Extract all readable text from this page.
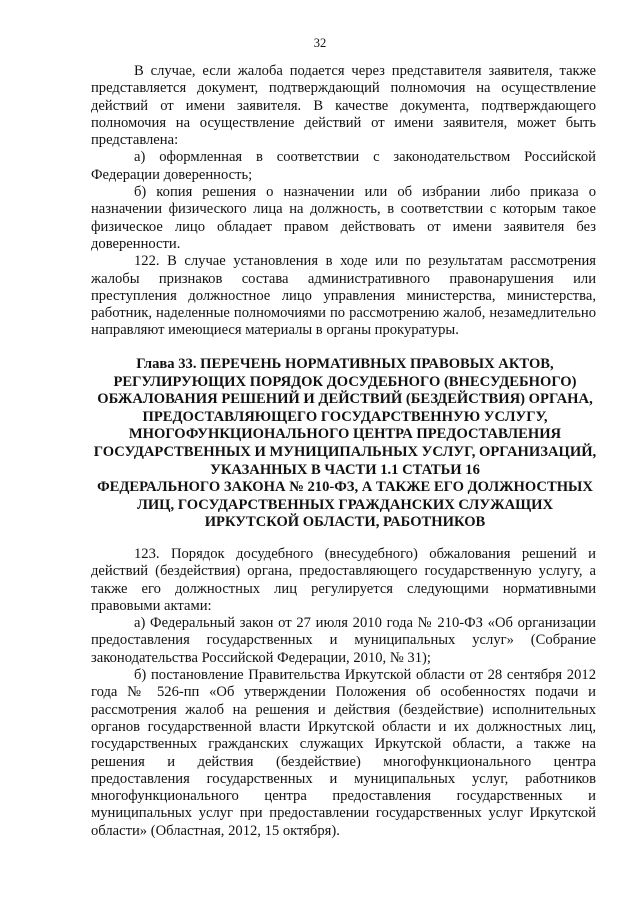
32

В случае, если жалоба подается через представителя заявителя, также представляется документ, подтверждающий полномочия на осуществление действий от имени заявителя. В качестве документа, подтверждающего полномочия на осуществление действий от имени заявителя, может быть представлена:

а) оформленная в соответствии с законодательством Российской Федерации доверенность;

б) копия решения о назначении или об избрании либо приказа о назначении физического лица на должность, в соответствии с которым такое физическое лицо обладает правом действовать от имени заявителя без доверенности.

122. В случае установления в ходе или по результатам рассмотрения жалобы признаков состава административного правонарушения или преступления должностное лицо управления министерства, министерства, работник, наделенные полномочиями по рассмотрению жалоб, незамедлительно направляют имеющиеся материалы в органы прокуратуры.

Глава 33. ПЕРЕЧЕНЬ НОРМАТИВНЫХ ПРАВОВЫХ АКТОВ,
РЕГУЛИРУЮЩИХ ПОРЯДОК ДОСУДЕБНОГО (ВНЕСУДЕБНОГО)
ОБЖАЛОВАНИЯ РЕШЕНИЙ И ДЕЙСТВИЙ (БЕЗДЕЙСТВИЯ) ОРГАНА,
ПРЕДОСТАВЛЯЮЩЕГО ГОСУДАРСТВЕННУЮ УСЛУГУ,
МНОГОФУНКЦИОНАЛЬНОГО ЦЕНТРА ПРЕДОСТАВЛЕНИЯ
ГОСУДАРСТВЕННЫХ И МУНИЦИПАЛЬНЫХ УСЛУГ, ОРГАНИЗАЦИЙ,
УКАЗАННЫХ В ЧАСТИ 1.1 СТАТЬИ 16
ФЕДЕРАЛЬНОГО ЗАКОНА № 210-ФЗ, А ТАКЖЕ ЕГО ДОЛЖНОСТНЫХ
ЛИЦ, ГОСУДАРСТВЕННЫХ ГРАЖДАНСКИХ СЛУЖАЩИХ
ИРКУТСКОЙ ОБЛАСТИ, РАБОТНИКОВ

123. Порядок досудебного (внесудебного) обжалования решений и действий (бездействия) органа, предоставляющего государственную услугу, а также его должностных лиц регулируется следующими нормативными правовыми актами:

а) Федеральный закон от 27 июля 2010 года № 210-ФЗ «Об организации предоставления государственных и муниципальных услуг» (Собрание законодательства Российской Федерации, 2010, № 31);

б) постановление Правительства Иркутской области от 28 сентября 2012 года № 526-пп «Об утверждении Положения об особенностях подачи и рассмотрения жалоб на решения и действия (бездействие) исполнительных органов государственной власти Иркутской области и их должностных лиц, государственных гражданских служащих Иркутской области, а также на решения и действия (бездействие) многофункционального центра предоставления государственных и муниципальных услуг, работников многофункционального центра предоставления государственных и муниципальных услуг при предоставлении государственных услуг Иркутской области» (Областная, 2012, 15 октября).
